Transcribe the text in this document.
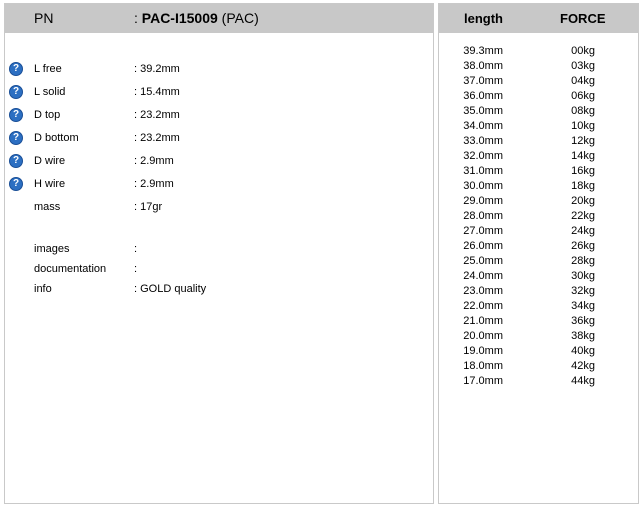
PN	: PAC-I15009 (PAC)
?	L free	: 39.2mm
?	L solid	: 15.4mm
?	D top	: 23.2mm
?	D bottom	: 23.2mm
?	D wire	: 2.9mm
?	H wire	: 2.9mm
mass	: 17gr
images	:
documentation	:
info	: GOLD quality
length	FORCE
39.3mm	00kg
38.0mm	03kg
37.0mm	04kg
36.0mm	06kg
35.0mm	08kg
34.0mm	10kg
33.0mm	12kg
32.0mm	14kg
31.0mm	16kg
30.0mm	18kg
29.0mm	20kg
28.0mm	22kg
27.0mm	24kg
26.0mm	26kg
25.0mm	28kg
24.0mm	30kg
23.0mm	32kg
22.0mm	34kg
21.0mm	36kg
20.0mm	38kg
19.0mm	40kg
18.0mm	42kg
17.0mm	44kg
